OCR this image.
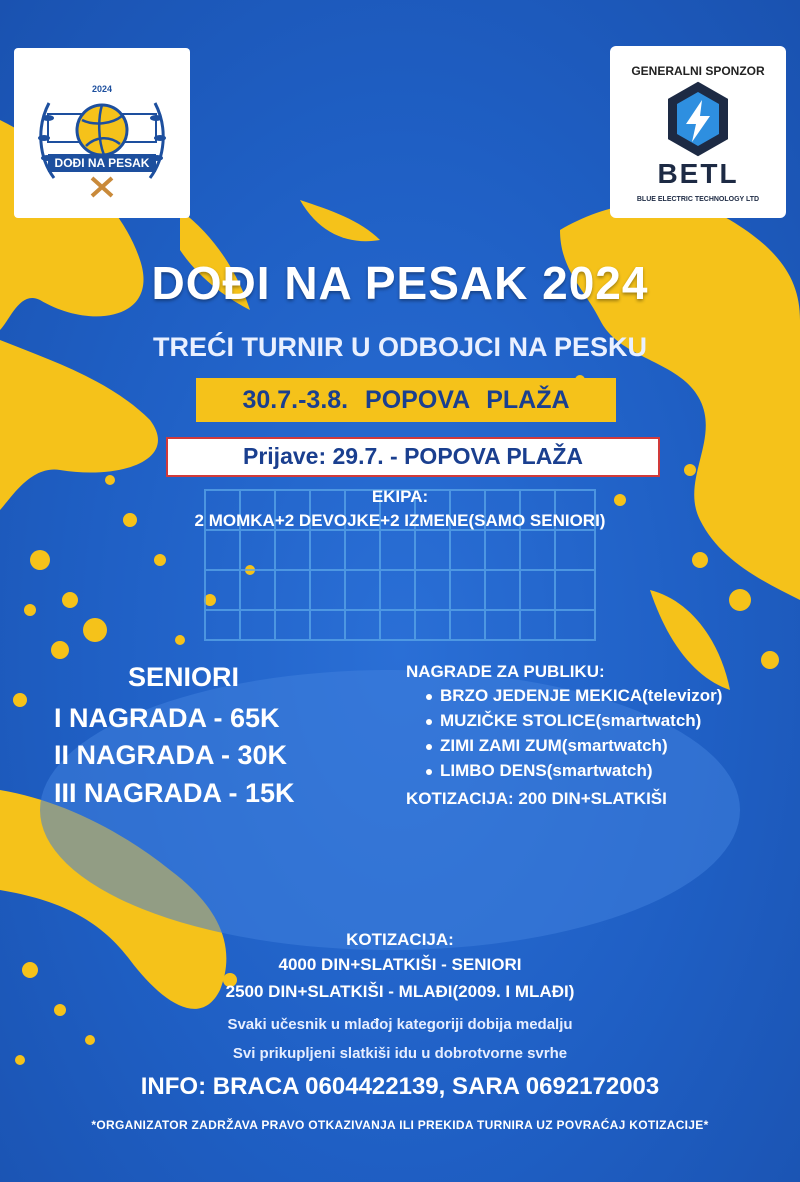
2024
DOĐI NA PESAK
GENERALNI SPONZOR
BETL
BLUE ELECTRIC TECHNOLOGY LTD
DOĐI NA PESAK 2024
TREĆI TURNIR U ODBOJCI NA PESKU
30.7.-3.8. POPOVA PLAŽA
Prijave: 29.7. - POPOVA PLAŽA
EKIPA:
2 MOMKA+2 DEVOJKE+2 IZMENE(SAMO SENIORI)
SENIORI
I NAGRADA - 65K
II NAGRADA - 30K
III NAGRADA - 15K
NAGRADE ZA PUBLIKU:
BRZO JEDENJE MEKICA(televizor)
MUZIČKE STOLICE(smartwatch)
ZIMI ZAMI ZUM(smartwatch)
LIMBO DENS(smartwatch)
KOTIZACIJA: 200 DIN+SLATKIŠI
KOTIZACIJA:
4000 DIN+SLATKIŠI - SENIORI
2500 DIN+SLATKIŠI - MLAĐI(2009. I MLAĐI)
Svaki učesnik u mlađoj kategoriji dobija medalju
Svi prikupljeni slatkiši idu u dobrotvorne svrhe
INFO: BRACA 0604422139, SARA 0692172003
*ORGANIZATOR ZADRŽAVA PRAVO OTKAZIVANJA ILI PREKIDA TURNIRA UZ POVRAĆAJ KOTIZACIJE*
